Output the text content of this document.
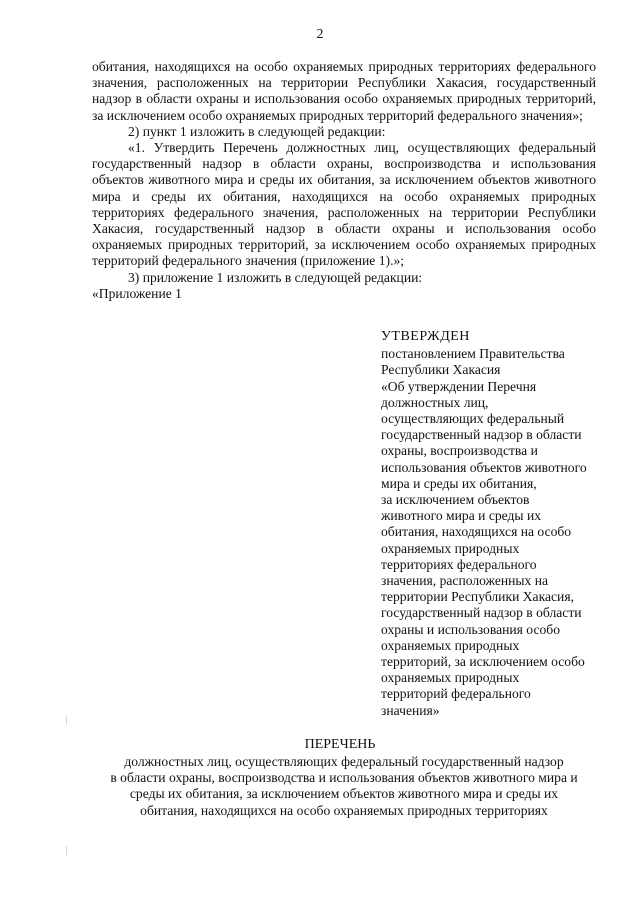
2

обитания, находящихся на особо охраняемых природных территориях федерального значения, расположенных на территории Республики Хакасия, государственный надзор в области охраны и использования особо охраняемых природных территорий, за исключением особо охраняемых природных территорий федерального значения»;

2) пункт 1 изложить в следующей редакции:

«1. Утвердить Перечень должностных лиц, осуществляющих федеральный государственный надзор в области охраны, воспроизводства и использования объектов животного мира и среды их обитания, за исключением объектов животного мира и среды их обитания, находящихся на особо охраняемых природных территориях федерального значения, расположенных на территории Республики Хакасия, государственный надзор в области охраны и использования особо охраняемых природных территорий, за исключением особо охраняемых природных территорий федерального значения (приложение 1).»;

3) приложение 1 изложить в следующей редакции:

«Приложение 1

УТВЕРЖДЕН
постановлением Правительства
Республики Хакасия
«Об утверждении Перечня
должностных лиц,
осуществляющих федеральный
государственный надзор в области
охраны, воспроизводства и
использования объектов животного
мира и среды их обитания,
за исключением объектов
животного мира и среды их
обитания, находящихся на особо
охраняемых природных
территориях федерального
значения, расположенных на
территории Республики Хакасия,
государственный надзор в области
охраны и использования особо
охраняемых природных
территорий, за исключением особо
охраняемых природных
территорий федерального
значения»
ПЕРЕЧЕНЬ
должностных лиц, осуществляющих федеральный государственный надзор
в области охраны, воспроизводства и использования объектов животного мира и
среды их обитания, за исключением объектов животного мира и среды их
обитания, находящихся на особо охраняемых природных территориях
